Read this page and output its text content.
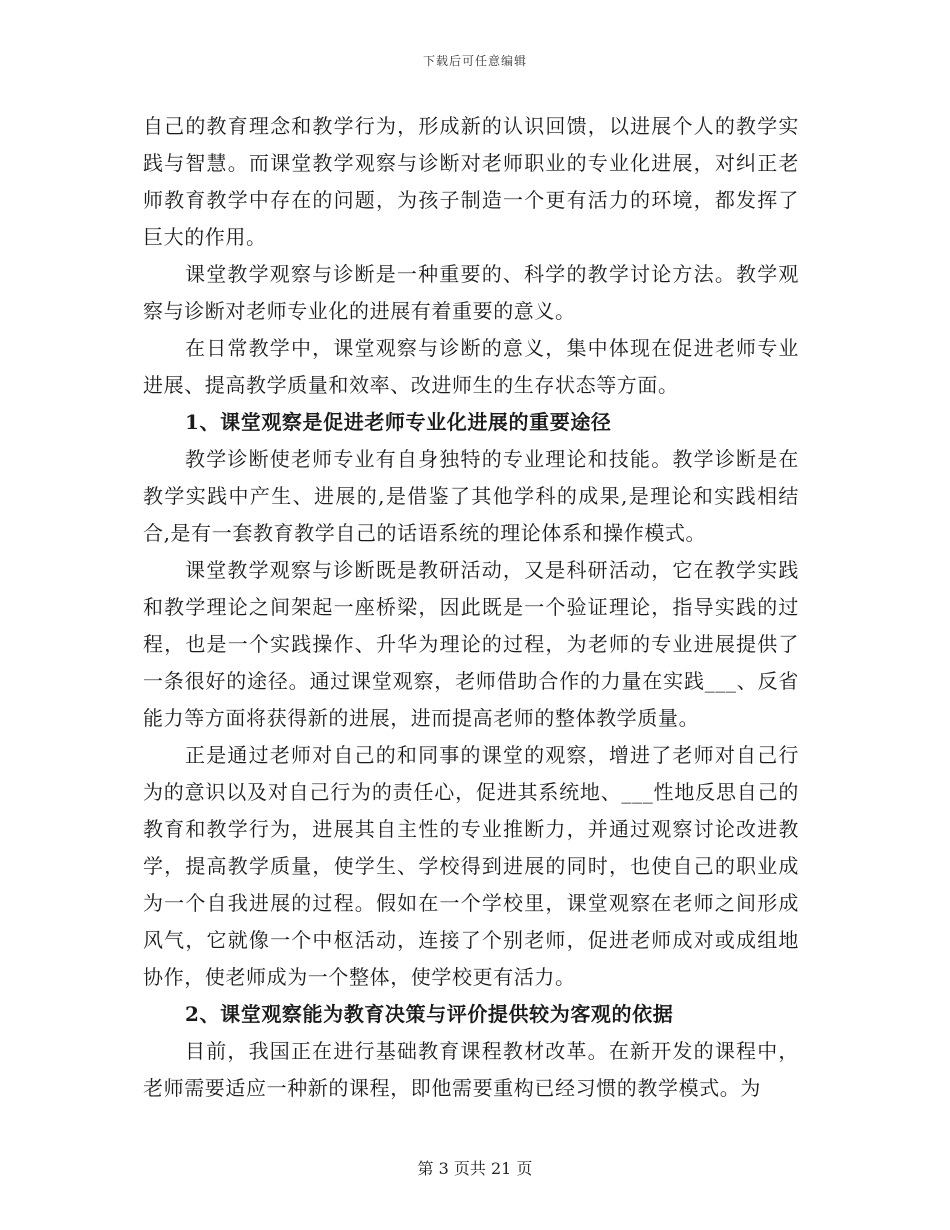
下载后可任意编辑

自己的教育理念和教学行为，形成新的认识回馈，以进展个人的教学实践与智慧。而课堂教学观察与诊断对老师职业的专业化进展，对纠正老师教育教学中存在的问题，为孩子制造一个更有活力的环境，都发挥了巨大的作用。

课堂教学观察与诊断是一种重要的、科学的教学讨论方法。教学观察与诊断对老师专业化的进展有着重要的意义。

在日常教学中，课堂观察与诊断的意义，集中体现在促进老师专业进展、提高教学质量和效率、改进师生的生存状态等方面。

1、课堂观察是促进老师专业化进展的重要途径

教学诊断使老师专业有自身独特的专业理论和技能。教学诊断是在教学实践中产生、进展的,是借鉴了其他学科的成果,是理论和实践相结合,是有一套教育教学自己的话语系统的理论体系和操作模式。

课堂教学观察与诊断既是教研活动，又是科研活动，它在教学实践和教学理论之间架起一座桥梁，因此既是一个验证理论，指导实践的过程，也是一个实践操作、升华为理论的过程，为老师的专业进展提供了一条很好的途径。通过课堂观察，老师借助合作的力量在实践___、反省能力等方面将获得新的进展，进而提高老师的整体教学质量。

正是通过老师对自己的和同事的课堂的观察，增进了老师对自己行为的意识以及对自己行为的责任心，促进其系统地、___性地反思自己的教育和教学行为，进展其自主性的专业推断力，并通过观察讨论改进教学，提高教学质量，使学生、学校得到进展的同时，也使自己的职业成为一个自我进展的过程。假如在一个学校里，课堂观察在老师之间形成风气，它就像一个中枢活动，连接了个别老师，促进老师成对或成组地协作，使老师成为一个整体，使学校更有活力。

2、课堂观察能为教育决策与评价提供较为客观的依据

目前，我国正在进行基础教育课程教材改革。在新开发的课程中，老师需要适应一种新的课程，即他需要重构已经习惯的教学模式。为

第 3 页共 21 页
